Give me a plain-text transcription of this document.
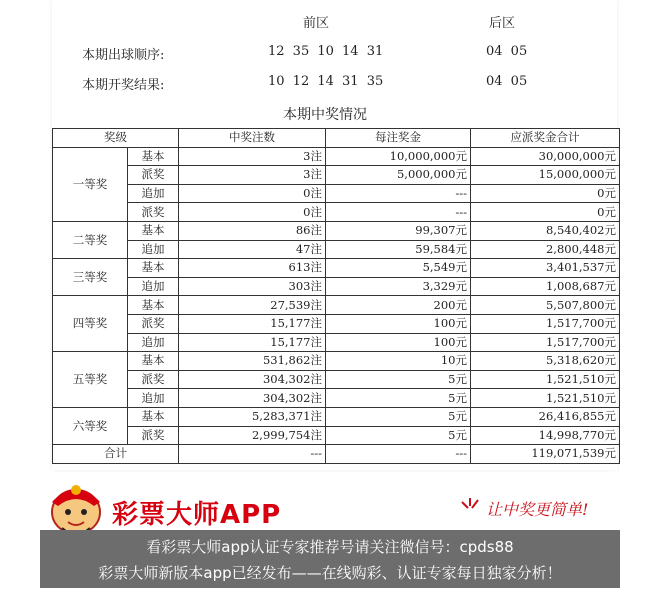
前区	后区
本期出球顺序:	12 35 10 14 31	04 05
本期开奖结果:	10 12 14 31 35	04 05
本期中奖情况
奖级		中奖注数	每注奖金	应派奖金合计
一等奖	基本	3注	10,000,000元	30,000,000元
	派奖	3注	5,000,000元	15,000,000元
	追加	0注	---	0元
	派奖	0注	---	0元
二等奖	基本	86注	99,307元	8,540,402元
	追加	47注	59,584元	2,800,448元
三等奖	基本	613注	5,549元	3,401,537元
	追加	303注	3,329元	1,008,687元
四等奖	基本	27,539注	200元	5,507,800元
	派奖	15,177注	100元	1,517,700元
	追加	15,177注	100元	1,517,700元
五等奖	基本	531,862注	10元	5,318,620元
	派奖	304,302注	5元	1,521,510元
	追加	304,302注	5元	1,521,510元
六等奖	基本	5,283,371注	5元	26,416,855元
	派奖	2,999,754注	5元	14,998,770元
合计		---	---	119,071,539元
彩票大师APP	让中奖更简单!
看彩票大师app认证专家推荐号请关注微信号：cpds88
彩票大师新版本app已经发布——在线购彩、认证专家每日独家分析！
